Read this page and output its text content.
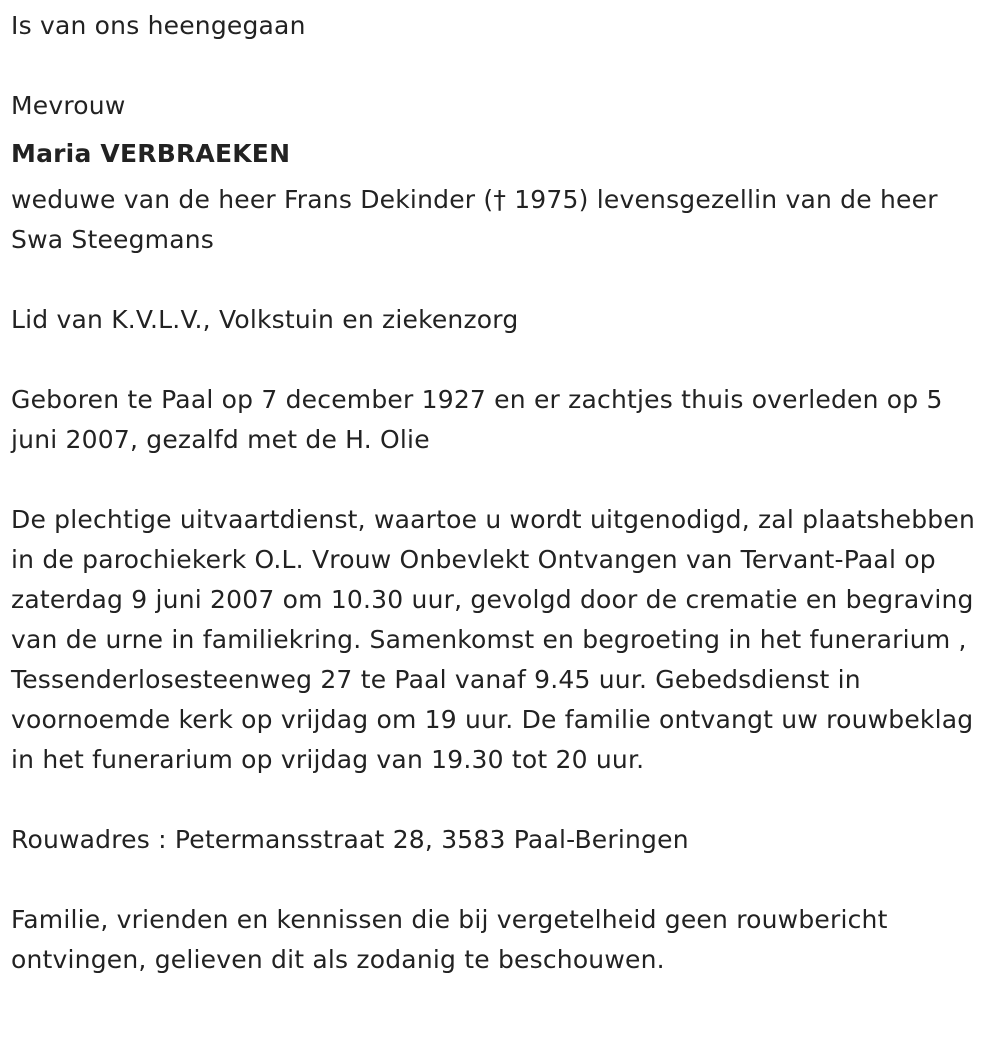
Is van ons heengegaan

Mevrouw

Maria VERBRAEKEN

weduwe van de heer Frans Dekinder († 1975) levensgezellin van de heer Swa Steegmans

Lid van K.V.L.V., Volkstuin en ziekenzorg

Geboren te Paal op 7 december 1927 en er zachtjes thuis overleden op 5 juni 2007, gezalfd met de H. Olie

De plechtige uitvaartdienst, waartoe u wordt uitgenodigd, zal plaatshebben in de parochiekerk O.L. Vrouw Onbevlekt Ontvangen van Tervant-Paal op zaterdag 9 juni 2007 om 10.30 uur, gevolgd door de crematie en begraving van de urne in familiekring. Samenkomst en begroeting in het funerarium , Tessenderlosesteenweg 27 te Paal vanaf 9.45 uur. Gebedsdienst in voornoemde kerk op vrijdag om 19 uur. De familie ontvangt uw rouwbeklag in het funerarium op vrijdag van 19.30 tot 20 uur.

Rouwadres : Petermansstraat 28, 3583 Paal-Beringen

Familie, vrienden en kennissen die bij vergetelheid geen rouwbericht ontvingen, gelieven dit als zodanig te beschouwen.
